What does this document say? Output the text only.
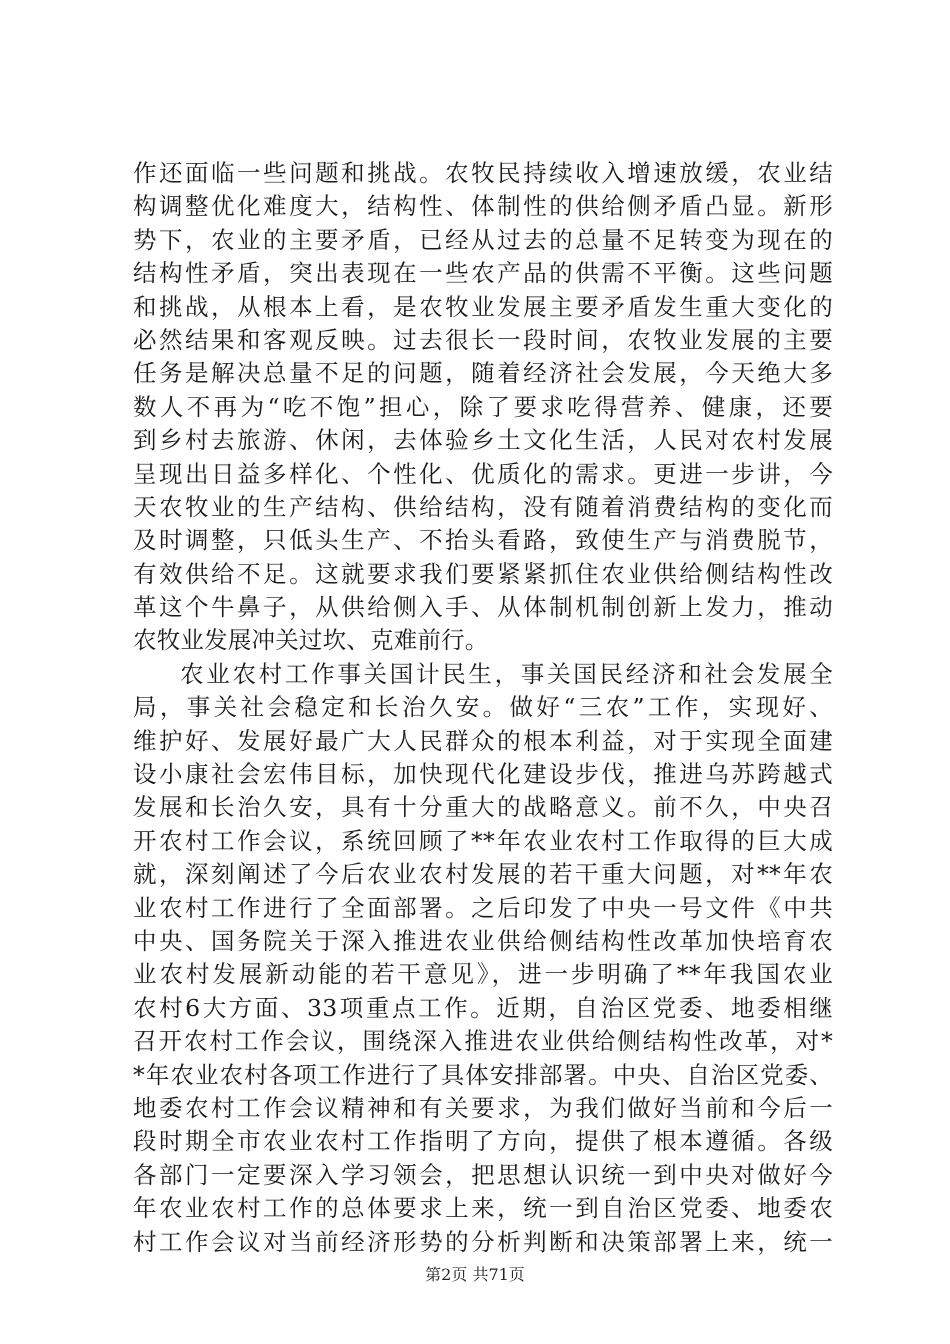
作还面临一些问题和挑战。农牧民持续收入增速放缓，农业结
构调整优化难度大，结构性、体制性的供给侧矛盾凸显。新形
势下，农业的主要矛盾，已经从过去的总量不足转变为现在的
结构性矛盾，突出表现在一些农产品的供需不平衡。这些问题
和挑战，从根本上看，是农牧业发展主要矛盾发生重大变化的
必然结果和客观反映。过去很长一段时间，农牧业发展的主要
任务是解决总量不足的问题，随着经济社会发展，今天绝大多
数人不再为“吃不饱”担心，除了要求吃得营养、健康，还要
到乡村去旅游、休闲，去体验乡土文化生活，人民对农村发展
呈现出日益多样化、个性化、优质化的需求。更进一步讲，今
天农牧业的生产结构、供给结构，没有随着消费结构的变化而
及时调整，只低头生产、不抬头看路，致使生产与消费脱节，
有效供给不足。这就要求我们要紧紧抓住农业供给侧结构性改
革这个牛鼻子，从供给侧入手、从体制机制创新上发力，推动
农牧业发展冲关过坎、克难前行。
农业农村工作事关国计民生，事关国民经济和社会发展全
局，事关社会稳定和长治久安。做好“三农”工作，实现好、
维护好、发展好最广大人民群众的根本利益，对于实现全面建
设小康社会宏伟目标，加快现代化建设步伐，推进乌苏跨越式
发展和长治久安，具有十分重大的战略意义。前不久，中央召
开农村工作会议，系统回顾了**年农业农村工作取得的巨大成
就，深刻阐述了今后农业农村发展的若干重大问题，对**年农
业农村工作进行了全面部署。之后印发了中央一号文件《中共
中央、国务院关于深入推进农业供给侧结构性改革加快培育农
业农村发展新动能的若干意见》，进一步明确了**年我国农业
农村6大方面、33项重点工作。近期，自治区党委、地委相继
召开农村工作会议，围绕深入推进农业供给侧结构性改革，对*
*年农业农村各项工作进行了具体安排部署。中央、自治区党委、
地委农村工作会议精神和有关要求，为我们做好当前和今后一
段时期全市农业农村工作指明了方向，提供了根本遵循。各级
各部门一定要深入学习领会，把思想认识统一到中央对做好今
年农业农村工作的总体要求上来，统一到自治区党委、地委农
村工作会议对当前经济形势的分析判断和决策部署上来，统一
第2页 共71页
